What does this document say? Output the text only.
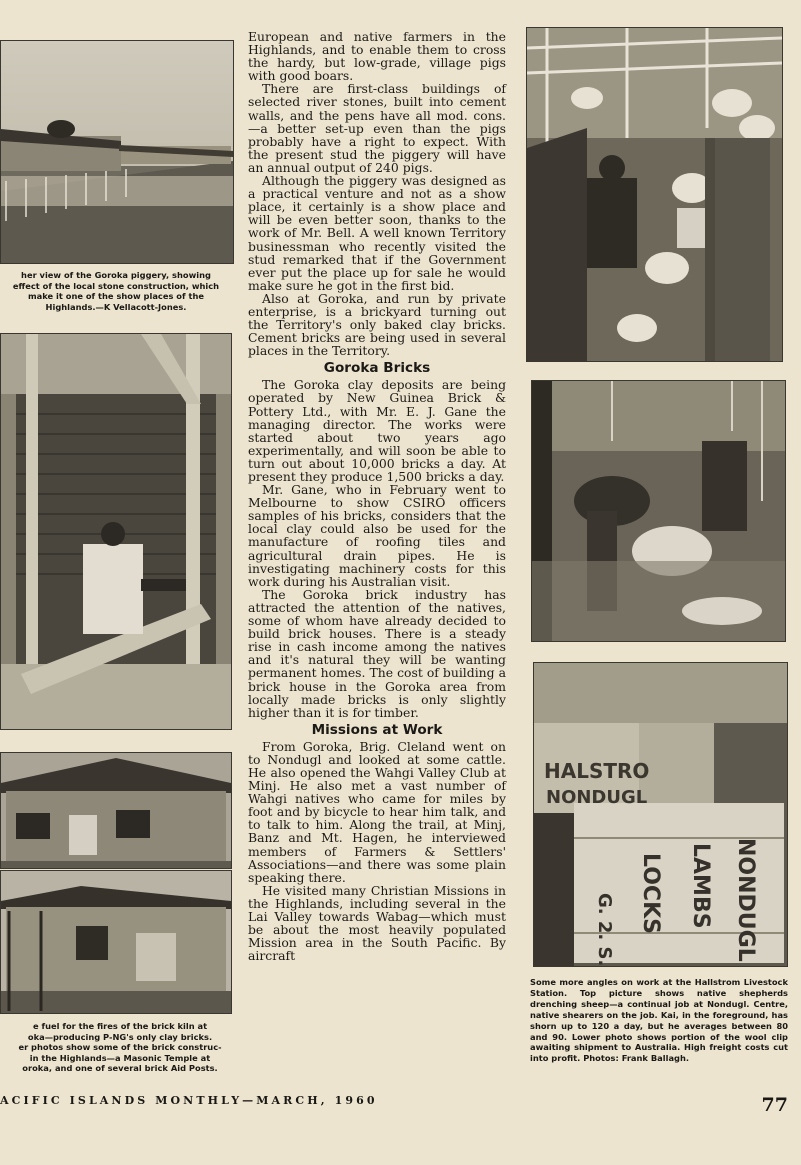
her view of the Goroka piggery, showing
effect of the local stone construction, which
make it one of the show places of the
Highlands.—K Vellacott-Jones.
e fuel for the fires of the brick kiln at
oka—producing P-NG's only clay bricks.
er photos show some of the brick construc-
in the Highlands—a Masonic Temple at
oroka, and one of several brick Aid Posts.

European and native farmers in the Highlands, and to enable them to cross the hardy, but low-grade, village pigs with good boars.

There are first-class buildings of selected river stones, built into cement walls, and the pens have all mod. cons.—a better set-up even than the pigs probably have a right to expect. With the present stud the piggery will have an annual output of 240 pigs.

Although the piggery was designed as a practical venture and not as a show place, it certainly is a show place and will be even better soon, thanks to the work of Mr. Bell. A well known Territory businessman who recently visited the stud remarked that if the Government ever put the place up for sale he would make sure he got in the first bid.

Also at Goroka, and run by private enterprise, is a brickyard turning out the Territory's only baked clay bricks. Cement bricks are being used in several places in the Territory.

Goroka Bricks

The Goroka clay deposits are being operated by New Guinea Brick & Pottery Ltd., with Mr. E. J. Gane the managing director. The works were started about two years ago experimentally, and will soon be able to turn out about 10,000 bricks a day. At present they produce 1,500 bricks a day.

Mr. Gane, who in February went to Melbourne to show CSIRO officers samples of his bricks, considers that the local clay could also be used for the manufacture of roofing tiles and agricultural drain pipes. He is investigating machinery costs for this work during his Australian visit.

The Goroka brick industry has attracted the attention of the natives, some of whom have already decided to build brick houses. There is a steady rise in cash income among the natives and it's natural they will be wanting permanent homes. The cost of building a brick house in the Goroka area from locally made bricks is only slightly higher than it is for timber.

Missions at Work

From Goroka, Brig. Cleland went on to Nondugl and looked at some cattle. He also opened the Wahgi Valley Club at Minj. He also met a vast number of Wahgi natives who came for miles by foot and by bicycle to hear him talk, and to talk to him. Along the trail, at Minj, Banz and Mt. Hagen, he interviewed members of Farmers & Settlers' Associations—and there was some plain speaking there.

He visited many Christian Missions in the Highlands, including several in the Lai Valley towards Wabag—which must be about the most heavily populated Mission area in the South Pacific. By aircraft

HALSTRO
NONDUGL
LOCKS LAMBS
G. 2. S.	NONDUGL

Some more angles on work at the Hallstrom Livestock Station. Top picture shows native shepherds drenching sheep—a continual job at Nondugl. Centre, native shearers on the job. Kai, in the foreground, has shorn up to 120 a day, but he averages between 80 and 90. Lower photo shows portion of the wool clip awaiting shipment to Australia. High freight costs cut into profit. Photos: Frank Ballagh.

ACIFIC ISLANDS MONTHLY—MARCH, 1960	77
